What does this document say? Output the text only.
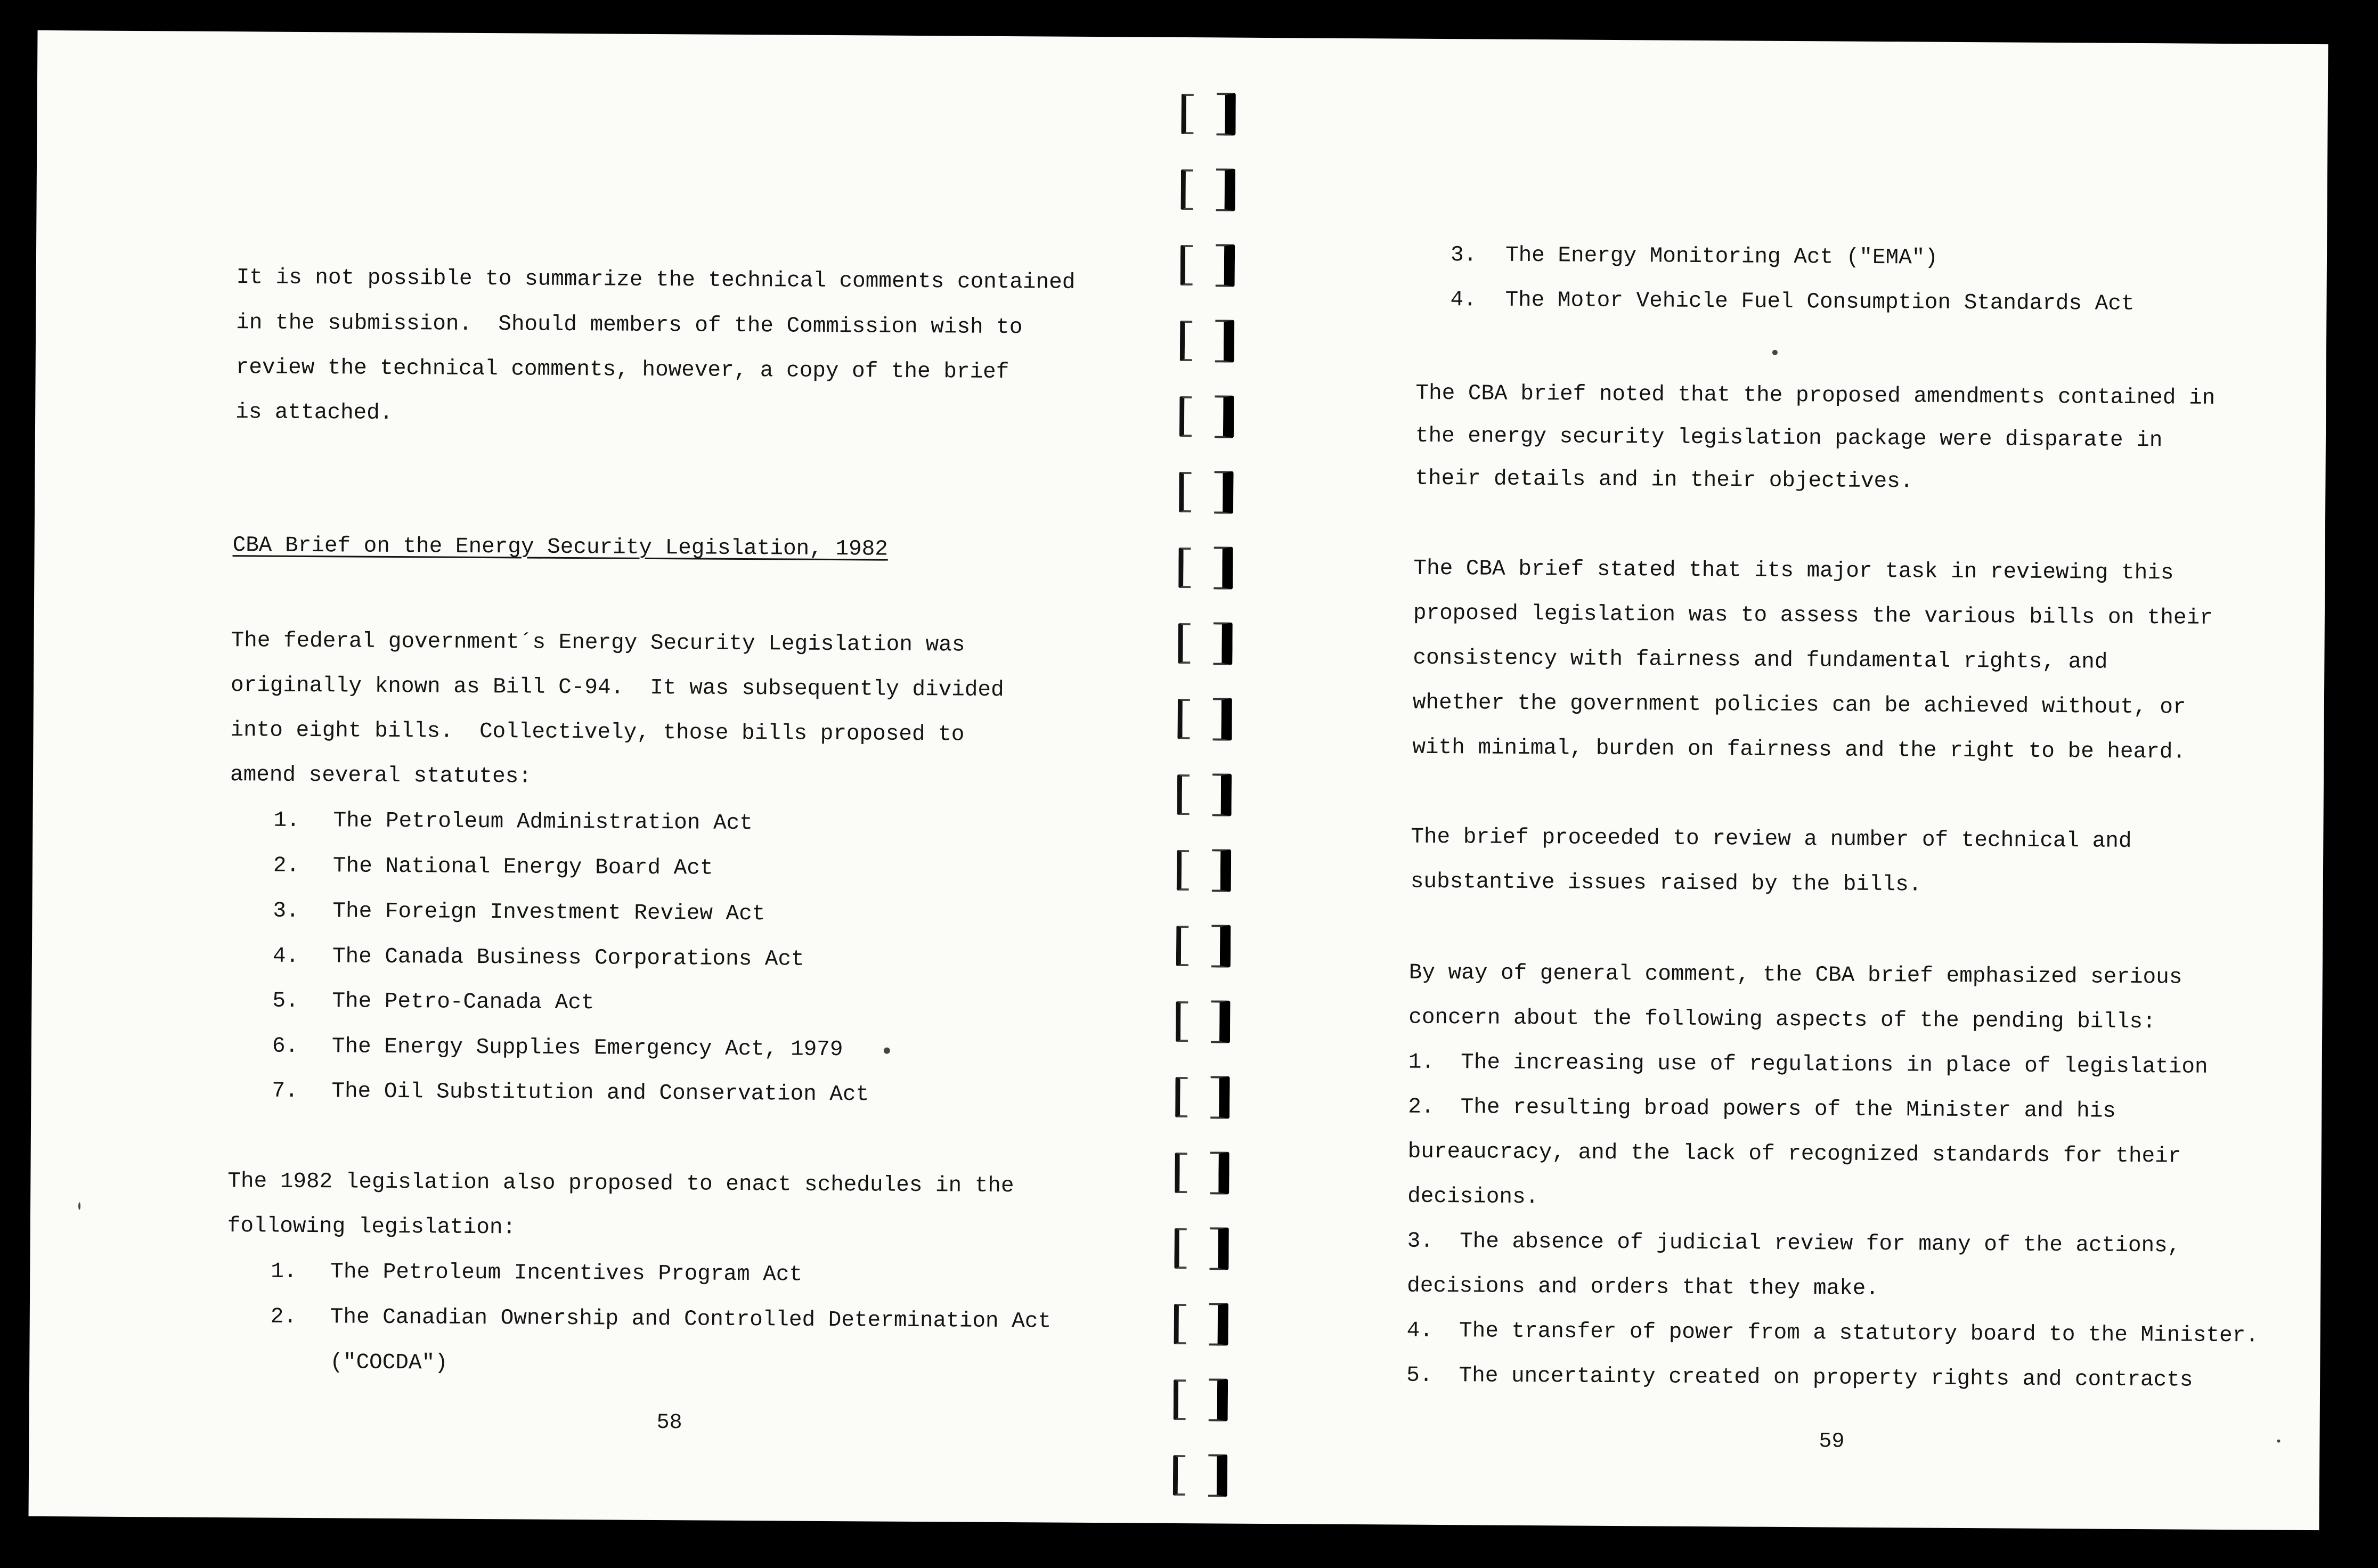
It is not possible to summarize the technical comments contained

in the submission.  Should members of the Commission wish to

review the technical comments, however, a copy of the brief

is attached.

CBA Brief on the Energy Security Legislation, 1982

The federal government´s Energy Security Legislation was

originally known as Bill C-94.  It was subsequently divided

into eight bills.  Collectively, those bills proposed to

amend several statutes:

1.

The Petroleum Administration Act

2.

The National Energy Board Act

3.

The Foreign Investment Review Act

4.

The Canada Business Corporations Act

5.

The Petro-Canada Act

6.

The Energy Supplies Emergency Act, 1979

7.

The Oil Substitution and Conservation Act

The 1982 legislation also proposed to enact schedules in the

following legislation:

1.

The Petroleum Incentives Program Act

2.

The Canadian Ownership and Controlled Determination Act

("COCDA")

58

3.

The Energy Monitoring Act ("EMA")

4.

The Motor Vehicle Fuel Consumption Standards Act

The CBA brief noted that the proposed amendments contained in

the energy security legislation package were disparate in

their details and in their objectives.

The CBA brief stated that its major task in reviewing this

proposed legislation was to assess the various bills on their

consistency with fairness and fundamental rights, and

whether the government policies can be achieved without, or

with minimal, burden on fairness and the right to be heard.

The brief proceeded to review a number of technical and

substantive issues raised by the bills.

By way of general comment, the CBA brief emphasized serious

concern about the following aspects of the pending bills:

1.  The increasing use of regulations in place of legislation

2.  The resulting broad powers of the Minister and his

bureaucracy, and the lack of recognized standards for their

decisions.

3.  The absence of judicial review for many of the actions,

decisions and orders that they make.

4.  The transfer of power from a statutory board to the Minister.

5.  The uncertainty created on property rights and contracts

59
